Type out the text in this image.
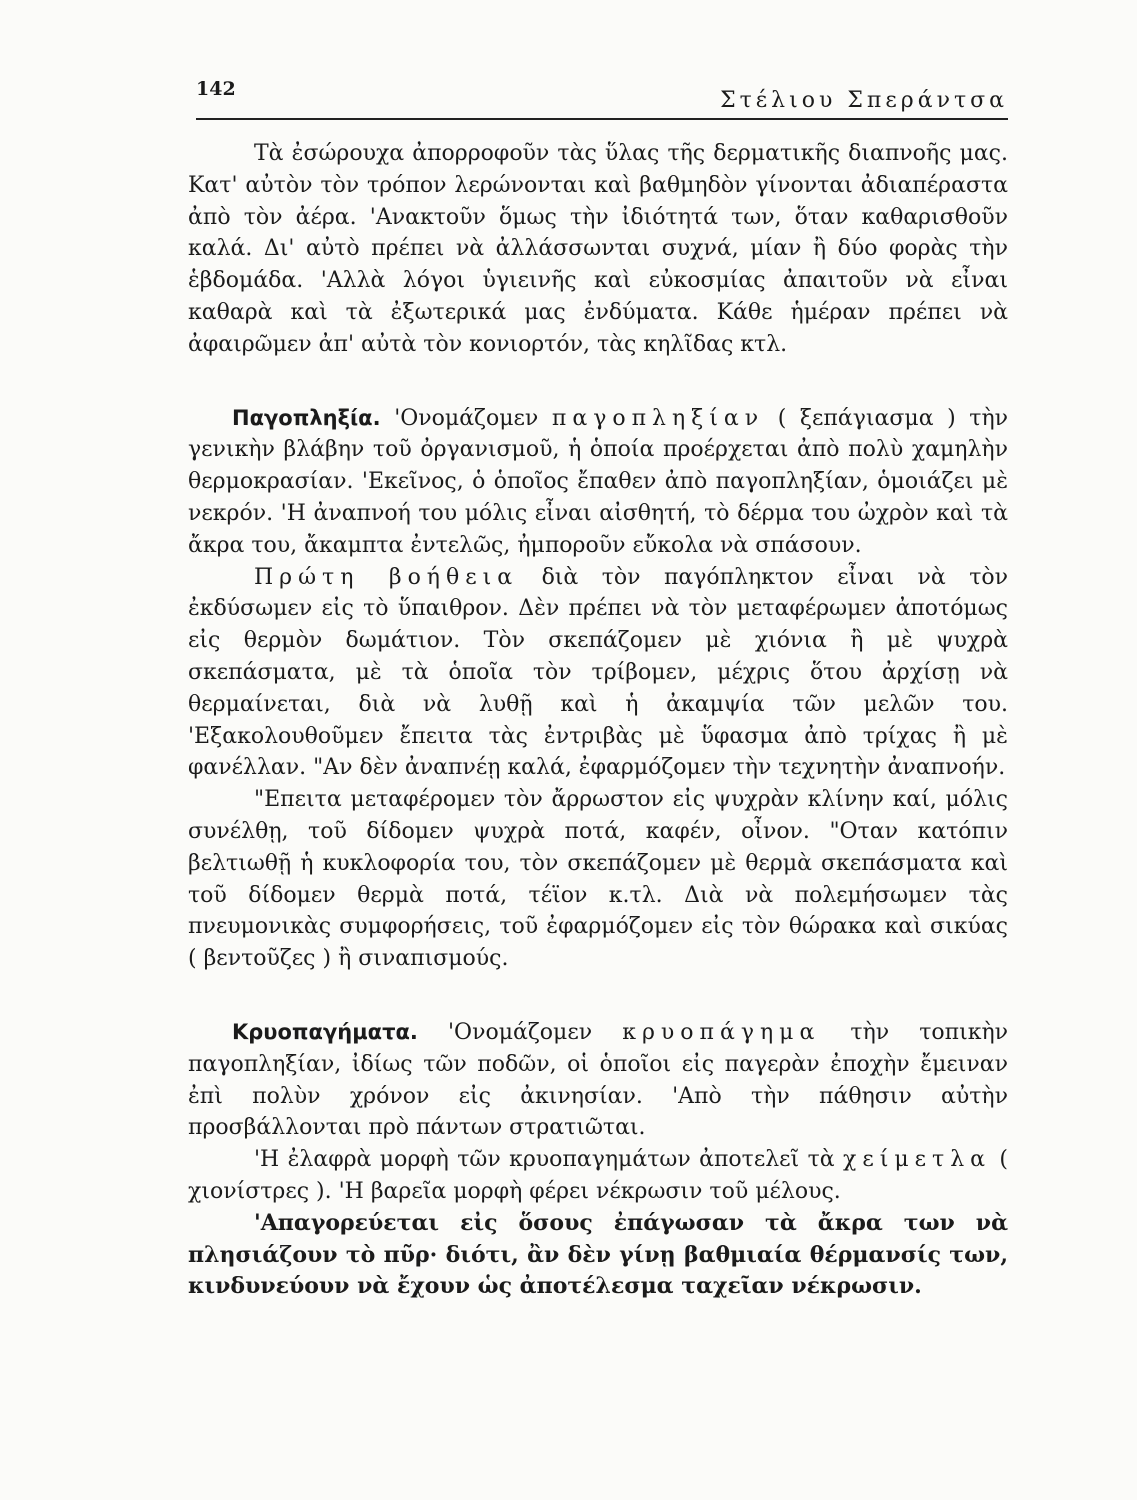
142	Στέλιου Σπεράντσα

Τὰ ἐσώρουχα ἀπορροφοῦν τὰς ὕλας τῆς δερματικῆς διαπνοῆς μας. Κατ' αὐτὸν τὸν τρόπον λερώνονται καὶ βαθμηδὸν γίνονται ἀδιαπέραστα ἀπὸ τὸν ἀέρα. 'Ανακτοῦν ὅμως τὴν ἰδιότητά των, ὅταν καθαρισθοῦν καλά. Δι' αὐτὸ πρέπει νὰ ἀλλάσσωνται συχνά, μίαν ἢ δύο φορὰς τὴν ἑβδομάδα. 'Αλλὰ λόγοι ὑγιεινῆς καὶ εὐκοσμίας ἀπαιτοῦν νὰ εἶναι καθαρὰ καὶ τὰ ἐξωτερικά μας ἐνδύματα. Κάθε ἡμέραν πρέπει νὰ ἀφαιρῶμεν ἀπ' αὐτὰ τὸν κονιορτόν, τὰς κηλῖδας κτλ.

Παγοπληξία. 'Ονομάζομεν παγοπληξίαν ( ξεπάγιασμα ) τὴν γενικὴν βλάβην τοῦ ὀργανισμοῦ, ἡ ὁποία προέρχεται ἀπὸ πολὺ χαμηλὴν θερμοκρασίαν. 'Εκεῖνος, ὁ ὁποῖος ἔπαθεν ἀπὸ παγοπληξίαν, ὁμοιάζει μὲ νεκρόν. 'Η ἀναπνοή του μόλις εἶναι αἰσθητή, τὸ δέρμα του ὠχρὸν καὶ τὰ ἄκρα του, ἄκαμπτα ἐντελῶς, ἠμποροῦν εὔκολα νὰ σπάσουν.

Πρώτη βοήθεια διὰ τὸν παγόπληκτον εἶναι νὰ τὸν ἐκδύσωμεν εἰς τὸ ὕπαιθρον. Δὲν πρέπει νὰ τὸν μεταφέρωμεν ἀποτόμως εἰς θερμὸν δωμάτιον. Τὸν σκεπάζομεν μὲ χιόνια ἢ μὲ ψυχρὰ σκεπάσματα, μὲ τὰ ὁποῖα τὸν τρίβομεν, μέχρις ὅτου ἀρχίσῃ νὰ θερμαίνεται, διὰ νὰ λυθῇ καὶ ἡ ἀκαμψία τῶν μελῶν του. 'Εξακολουθοῦμεν ἔπειτα τὰς ἐντριβὰς μὲ ὕφασμα ἀπὸ τρίχας ἢ μὲ φανέλλαν. "Αν δὲν ἀναπνέῃ καλά, ἐφαρμόζομεν τὴν τεχνητὴν ἀναπνοήν.

"Επειτα μεταφέρομεν τὸν ἄρρωστον εἰς ψυχρὰν κλίνην καί, μόλις συνέλθῃ, τοῦ δίδομεν ψυχρὰ ποτά, καφέν, οἶνον. "Οταν κατόπιν βελτιωθῇ ἡ κυκλοφορία του, τὸν σκεπάζομεν μὲ θερμὰ σκεπάσματα καὶ τοῦ δίδομεν θερμὰ ποτά, τέϊον κ.τλ. Διὰ νὰ πολεμήσωμεν τὰς πνευμονικὰς συμφορήσεις, τοῦ ἐφαρμόζομεν εἰς τὸν θώρακα καὶ σικύας ( βεντοῦζες ) ἢ σιναπισμούς.

Κρυοπαγήματα. 'Ονομάζομεν κρυοπάγημα τὴν τοπικὴν παγοπληξίαν, ἰδίως τῶν ποδῶν, οἱ ὁποῖοι εἰς παγερὰν ἐποχὴν ἔμειναν ἐπὶ πολὺν χρόνον εἰς ἀκινησίαν. 'Απὸ τὴν πάθησιν αὐτὴν προσβάλλονται πρὸ πάντων στρατιῶται.

'Η ἐλαφρὰ μορφὴ τῶν κρυοπαγημάτων ἀποτελεῖ τὰ χείμετλα ( χιονίστρες ). 'Η βαρεῖα μορφὴ φέρει νέκρωσιν τοῦ μέλους.

'Απαγορεύεται εἰς ὅσους ἐπάγωσαν τὰ ἄκρα των νὰ πλησιάζουν τὸ πῦρ· διότι, ἂν δὲν γίνῃ βαθμιαία θέρμανσίς των, κινδυνεύουν νὰ ἔχουν ὡς ἀποτέλεσμα ταχεῖαν νέκρωσιν.
